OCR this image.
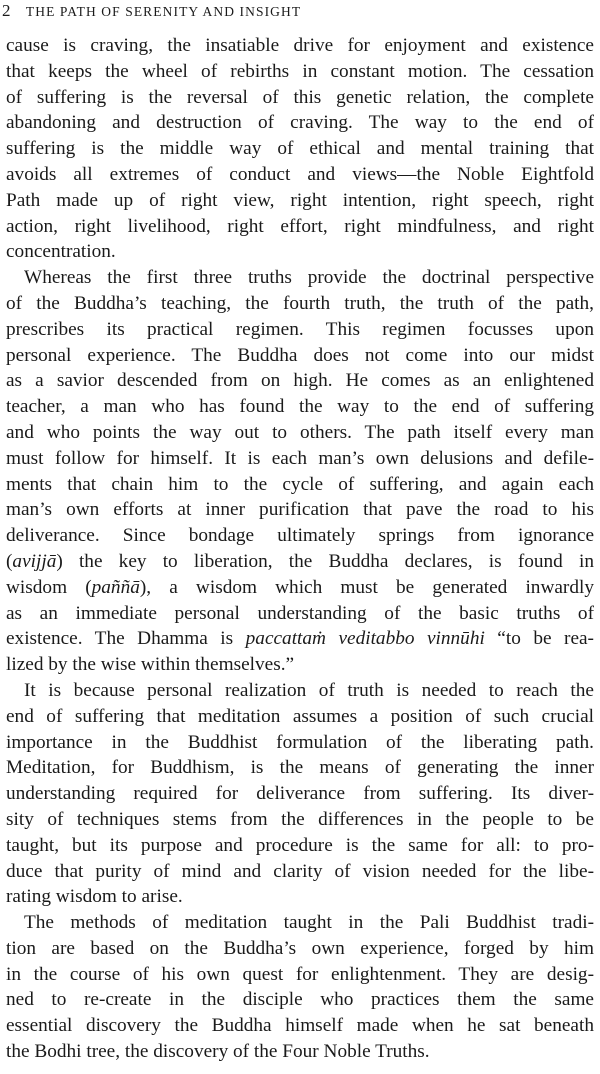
2 THE PATH OF SERENITY AND INSIGHT
cause is craving, the insatiable drive for enjoyment and existence
that keeps the wheel of rebirths in constant motion. The cessation
of suffering is the reversal of this genetic relation, the complete
abandoning and destruction of craving. The way to the end of
suffering is the middle way of ethical and mental training that
avoids all extremes of conduct and views—the Noble Eightfold
Path made up of right view, right intention, right speech, right
action, right livelihood, right effort, right mindfulness, and right
concentration.
Whereas the first three truths provide the doctrinal perspective
of the Buddha’s teaching, the fourth truth, the truth of the path,
prescribes its practical regimen. This regimen focusses upon
personal experience. The Buddha does not come into our midst
as a savior descended from on high. He comes as an enlightened
teacher, a man who has found the way to the end of suffering
and who points the way out to others. The path itself every man
must follow for himself. It is each man’s own delusions and defile-
ments that chain him to the cycle of suffering, and again each
man’s own efforts at inner purification that pave the road to his
deliverance. Since bondage ultimately springs from ignorance
(avijjā) the key to liberation, the Buddha declares, is found in
wisdom (paññā), a wisdom which must be generated inwardly
as an immediate personal understanding of the basic truths of
existence. The Dhamma is paccattaṁ veditabbo vinnūhi “to be rea-
lized by the wise within themselves.”
It is because personal realization of truth is needed to reach the
end of suffering that meditation assumes a position of such crucial
importance in the Buddhist formulation of the liberating path.
Meditation, for Buddhism, is the means of generating the inner
understanding required for deliverance from suffering. Its diver-
sity of techniques stems from the differences in the people to be
taught, but its purpose and procedure is the same for all: to pro-
duce that purity of mind and clarity of vision needed for the libe-
rating wisdom to arise.
The methods of meditation taught in the Pali Buddhist tradi-
tion are based on the Buddha’s own experience, forged by him
in the course of his own quest for enlightenment. They are desig-
ned to re-create in the disciple who practices them the same
essential discovery the Buddha himself made when he sat beneath
the Bodhi tree, the discovery of the Four Noble Truths.
